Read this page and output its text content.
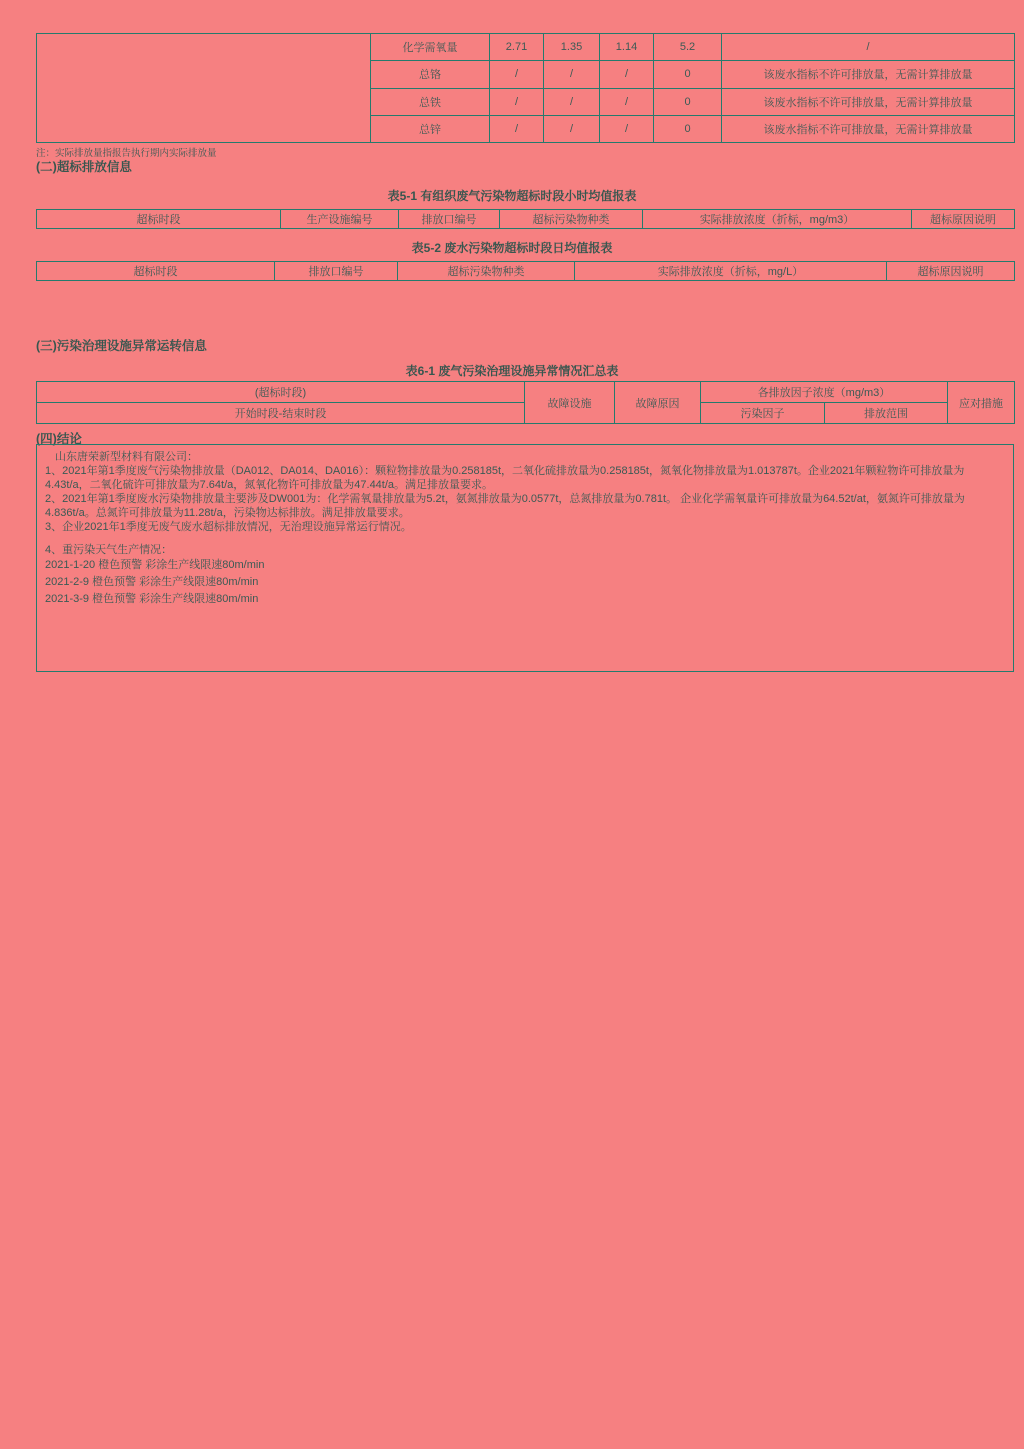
	化学需氧量	2.71	1.35	1.14	5.2	/
	总铬	/	/	/	0	该废水指标不许可排放量，无需计算排放量
	总铁	/	/	/	0	该废水指标不许可排放量，无需计算排放量
	总锌	/	/	/	0	该废水指标不许可排放量，无需计算排放量
注：实际排放量指报告执行期内实际排放量
(二)超标排放信息
表5-1 有组织废气污染物超标时段小时均值报表
超标时段	生产设施编号	排放口编号	超标污染物种类	实际排放浓度（折标，mg/m3）	超标原因说明
表5-2 废水污染物超标时段日均值报表
超标时段	排放口编号	超标污染物种类	实际排放浓度（折标，mg/L）	超标原因说明
(三)污染治理设施异常运转信息
表6-1 废气污染治理设施异常情况汇总表
(超标时段)	故障设施	故障原因	各排放因子浓度（mg/m3）		应对措施
开始时段-结束时段			污染因子	排放范围	
(四)结论

山东唐荣新型材料有限公司：

1、2021年第1季度废气污染物排放量（DA012、DA014、DA016）：颗粒物排放量为0.258185t，二氧化硫排放量为0.258185t，氮氧化物排放量为1.013787t。企业2021年颗粒物许可排放量为4.43t/a，二氧化硫许可排放量为7.64t/a，氮氧化物许可排放量为47.44t/a。满足排放量要求。

2、2021年第1季度废水污染物排放量主要涉及DW001为：化学需氧量排放量为5.2t，氨氮排放量为0.0577t，总氮排放量为0.781t。 企业化学需氧量许可排放量为64.52t/at，氨氮许可排放量为4.836t/a。总氮许可排放量为11.28t/a，污染物达标排放。满足排放量要求。

3、企业2021年1季度无废气废水超标排放情况，无治理设施异常运行情况。

4、重污染天气生产情况：

2021-1-20 橙色预警 彩涂生产线限速80m/min

2021-2-9 橙色预警 彩涂生产线限速80m/min

2021-3-9 橙色预警 彩涂生产线限速80m/min
